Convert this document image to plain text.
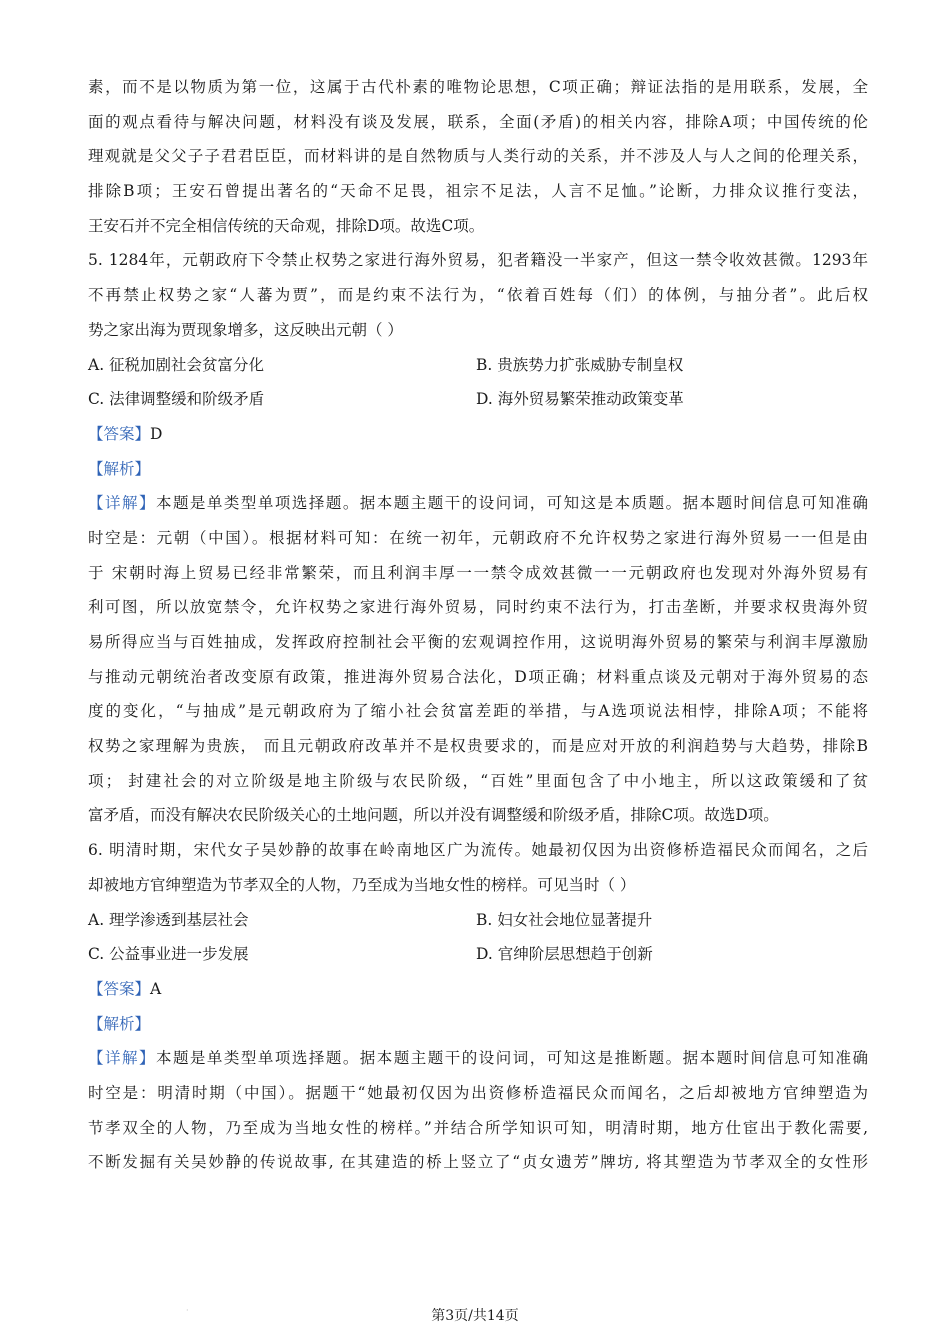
素，而不是以物质为第一位，这属于古代朴素的唯物论思想，C项正确；辩证法指的是用联系，发展，全
面的观点看待与解决问题，材料没有谈及发展，联系，全面(矛盾)的相关内容，排除A项；中国传统的伦
理观就是父父子子君君臣臣，而材料讲的是自然物质与人类行动的关系，并不涉及人与人之间的伦理关系，
排除B项；王安石曾提出著名的“天命不足畏，祖宗不足法，人言不足恤。”论断，力排众议推行变法，
王安石并不完全相信传统的天命观，排除D项。故选C项。
5. 1284年，元朝政府下令禁止权势之家进行海外贸易，犯者籍没一半家产，但这一禁令收效甚微。1293年
不再禁止权势之家“人蕃为贾”，而是约束不法行为，“依着百姓每（们）的体例，与抽分者”。此后权
势之家出海为贾现象增多，这反映出元朝（ ）
A. 征税加剧社会贫富分化	B. 贵族势力扩张威胁专制皇权
C. 法律调整缓和阶级矛盾	D. 海外贸易繁荣推动政策变革
【答案】D
【解析】
【详解】本题是单类型单项选择题。据本题主题干的设问词，可知这是本质题。据本题时间信息可知准确
时空是：元朝（中国）。根据材料可知：在统一初年，元朝政府不允许权势之家进行海外贸易一一但是由
于 宋朝时海上贸易已经非常繁荣，而且利润丰厚一一禁令成效甚微一一元朝政府也发现对外海外贸易有
利可图，所以放宽禁令，允许权势之家进行海外贸易，同时约束不法行为，打击垄断，并要求权贵海外贸
易所得应当与百姓抽成，发挥政府控制社会平衡的宏观调控作用，这说明海外贸易的繁荣与利润丰厚激励
与推动元朝统治者改变原有政策，推进海外贸易合法化，D项正确；材料重点谈及元朝对于海外贸易的态
度的变化，“与抽成”是元朝政府为了缩小社会贫富差距的举措，与A选项说法相悖，排除A项；不能将
权势之家理解为贵族， 而且元朝政府改革并不是权贵要求的，而是应对开放的利润趋势与大趋势，排除B
项； 封建社会的对立阶级是地主阶级与农民阶级，“百姓”里面包含了中小地主，所以这政策缓和了贫
富矛盾，而没有解决农民阶级关心的土地问题，所以并没有调整缓和阶级矛盾，排除C项。故选D项。
6. 明清时期，宋代女子吴妙静的故事在岭南地区广为流传。她最初仅因为出资修桥造福民众而闻名，之后
却被地方官绅塑造为节孝双全的人物，乃至成为当地女性的榜样。可见当时（ ）
A. 理学渗透到基层社会	B. 妇女社会地位显著提升
C. 公益事业进一步发展	D. 官绅阶层思想趋于创新
【答案】A
【解析】
【详解】本题是单类型单项选择题。据本题主题干的设问词，可知这是推断题。据本题时间信息可知准确
时空是：明清时期（中国）。据题干“她最初仅因为出资修桥造福民众而闻名，之后却被地方官绅塑造为
节孝双全的人物，乃至成为当地女性的榜样。”并结合所学知识可知，明清时期，地方仕宦出于教化需要,
不断发掘有关吴妙静的传说故事, 在其建造的桥上竖立了“贞女遗芳”牌坊, 将其塑造为节孝双全的女性形
·	第3页/共14页
